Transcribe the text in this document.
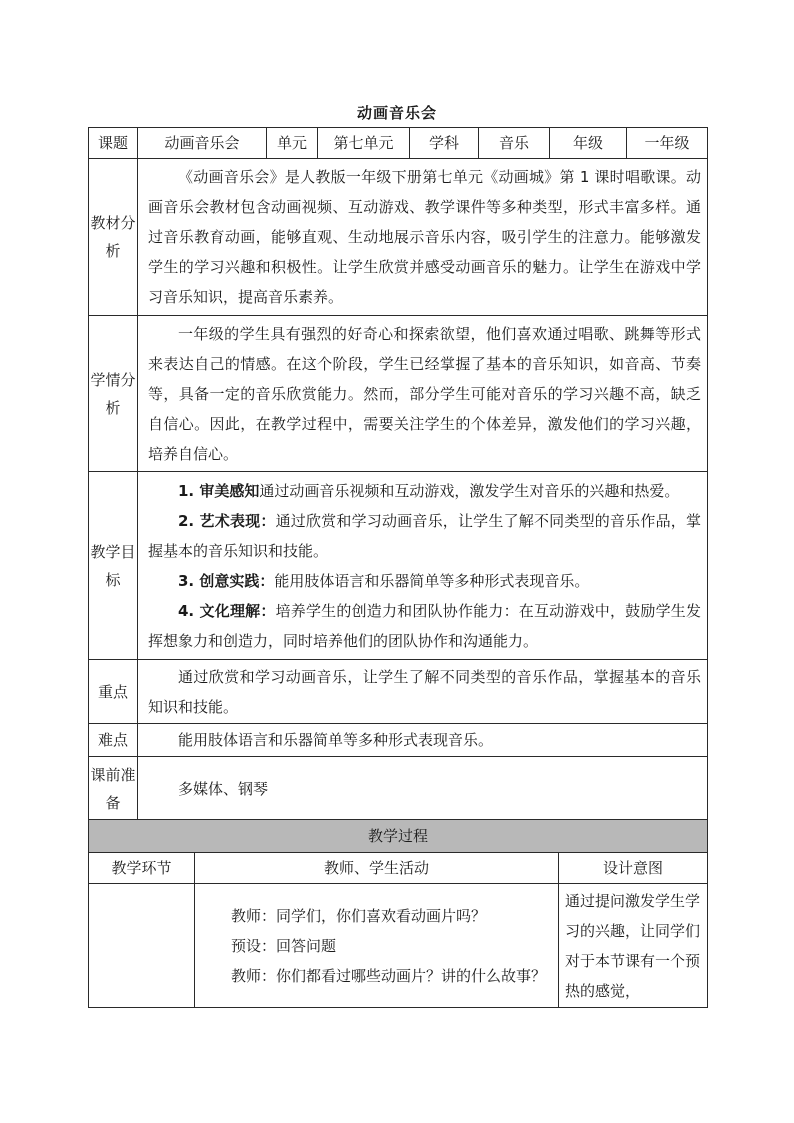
动画音乐会
课题	动画音乐会	单元	第七单元	学科	音乐	年级	一年级
教材分析	《动画音乐会》是人教版一年级下册第七单元《动画城》第 1 课时唱歌课。动画音乐会教材包含动画视频、互动游戏、教学课件等多种类型，形式丰富多样。通过音乐教育动画，能够直观、生动地展示音乐内容，吸引学生的注意力。能够激发学生的学习兴趣和积极性。让学生欣赏并感受动画音乐的魅力。让学生在游戏中学习音乐知识，提高音乐素养。						

学情分析	一年级的学生具有强烈的好奇心和探索欲望，他们喜欢通过唱歌、跳舞等形式来表达自己的情感。在这个阶段，学生已经掌握了基本的音乐知识，如音高、节奏等，具备一定的音乐欣赏能力。然而，部分学生可能对音乐的学习兴趣不高，缺乏自信心。因此，在教学过程中，需要关注学生的个体差异，激发他们的学习兴趣，培养自信心。						

教学目标	1. 审美感知通过动画音乐视频和互动游戏，激发学生对音乐的兴趣和热爱。

2. 艺术表现：通过欣赏和学习动画音乐，让学生了解不同类型的音乐作品，掌握基本的音乐知识和技能。

3. 创意实践：能用肢体语言和乐器简单等多种形式表现音乐。

4. 文化理解：培养学生的创造力和团队协作能力：在互动游戏中，鼓励学生发挥想象力和创造力，同时培养他们的团队协作和沟通能力。						

重点	通过欣赏和学习动画音乐，让学生了解不同类型的音乐作品，掌握基本的音乐知识和技能。						

难点	能用肢体语言和乐器简单等多种形式表现音乐。						

课前准备	多媒体、钢琴						

教学过程		
教学环节	教师、学生活动	设计意图

	教师：同学们，你们喜欢看动画片吗？

预设：回答问题

教师：你们都看过哪些动画片？讲的什么故事？	通过提问激发学生学习的兴趣，让同学们对于本节课有一个预热的感觉，
